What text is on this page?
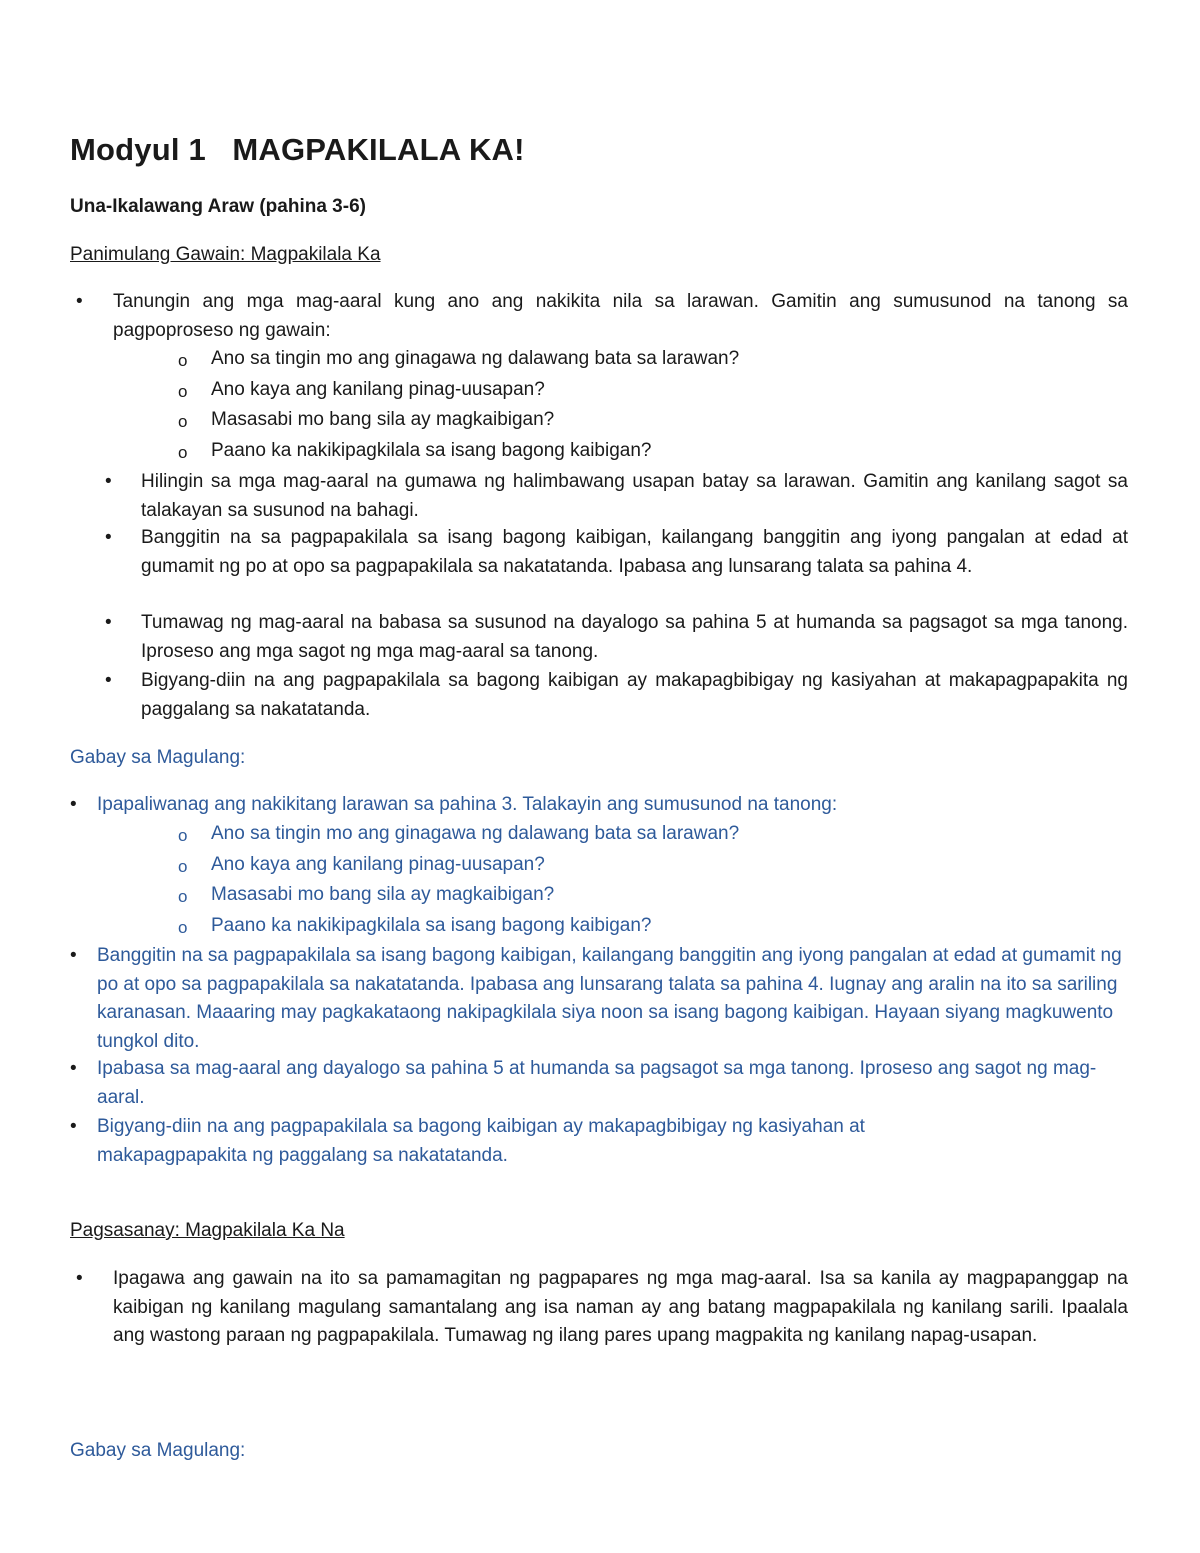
Modyul 1   MAGPAKILALA KA!

Una-Ikalawang Araw (pahina 3-6)

Panimulang Gawain: Magpakilala Ka

• Tanungin ang mga mag-aaral kung ano ang nakikita nila sa larawan. Gamitin ang sumusunod na tanong sa pagpoproseso ng gawain:

o Ano sa tingin mo ang ginagawa ng dalawang bata sa larawan?

o Ano kaya ang kanilang pinag-uusapan?

o Masasabi mo bang sila ay magkaibigan?

o Paano ka nakikipagkilala sa isang bagong kaibigan?

• Hilingin sa mga mag-aaral na gumawa ng halimbawang usapan batay sa larawan. Gamitin ang kanilang sagot sa talakayan sa susunod na bahagi.

• Banggitin na sa pagpapakilala sa isang bagong kaibigan, kailangang banggitin ang iyong pangalan at edad at gumamit ng po at opo sa pagpapakilala sa nakatatanda. Ipabasa ang lunsarang talata sa pahina 4.

• Tumawag ng mag-aaral na babasa sa susunod na dayalogo sa pahina 5 at humanda sa pagsagot sa mga tanong. Iproseso ang mga sagot ng mga mag-aaral sa tanong.

• Bigyang-diin na ang pagpapakilala sa bagong kaibigan ay makapagbibigay ng kasiyahan at makapagpapakita ng paggalang sa nakatatanda.

Gabay sa Magulang:

• Ipapaliwanag ang nakikitang larawan sa pahina 3. Talakayin ang sumusunod na tanong:

o Ano sa tingin mo ang ginagawa ng dalawang bata sa larawan?

o Ano kaya ang kanilang pinag-uusapan?

o Masasabi mo bang sila ay magkaibigan?

o Paano ka nakikipagkilala sa isang bagong kaibigan?

• Banggitin na sa pagpapakilala sa isang bagong kaibigan, kailangang banggitin ang iyong pangalan at edad at gumamit ng po at opo sa pagpapakilala sa nakatatanda. Ipabasa ang lunsarang talata sa pahina 4. Iugnay ang aralin na ito sa sariling karanasan. Maaaring may pagkakataong nakipagkilala siya noon sa isang bagong kaibigan. Hayaan siyang magkuwento tungkol dito.

• Ipabasa sa mag-aaral ang dayalogo sa pahina 5 at humanda sa pagsagot sa mga tanong. Iproseso ang sagot ng mag-aaral.

• Bigyang-diin na ang pagpapakilala sa bagong kaibigan ay makapagbibigay ng kasiyahan at makapagpapakita ng paggalang sa nakatatanda.

Pagsasanay: Magpakilala Ka Na

• Ipagawa ang gawain na ito sa pamamagitan ng pagpapares ng mga mag-aaral. Isa sa kanila ay magpapanggap na kaibigan ng kanilang magulang samantalang ang isa naman ay ang batang magpapakilala ng kanilang sarili. Ipaalala ang wastong paraan ng pagpapakilala. Tumawag ng ilang pares upang magpakita ng kanilang napag-usapan.

Gabay sa Magulang:
